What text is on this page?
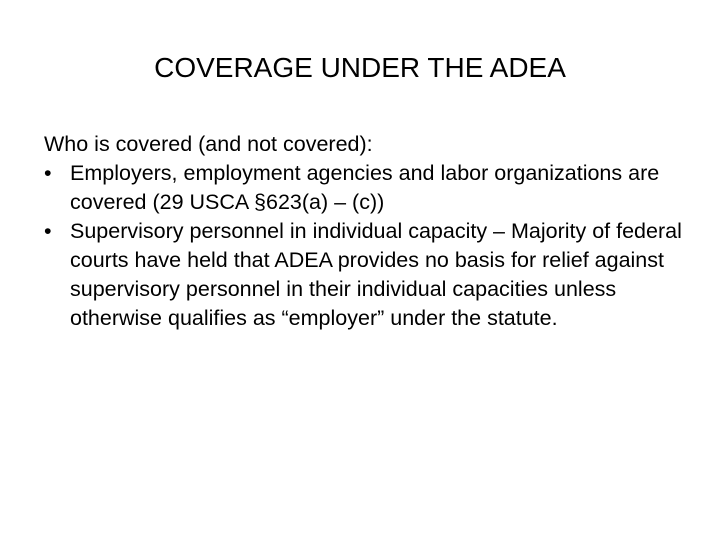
COVERAGE UNDER THE ADEA

Who is covered (and not covered):

• Employers, employment agencies and labor organizations are covered (29 USCA §623(a) – (c))
• Supervisory personnel in individual capacity – Majority of federal courts have held that ADEA provides no basis for relief against supervisory personnel in their individual capacities unless otherwise qualifies as “employer” under the statute.
